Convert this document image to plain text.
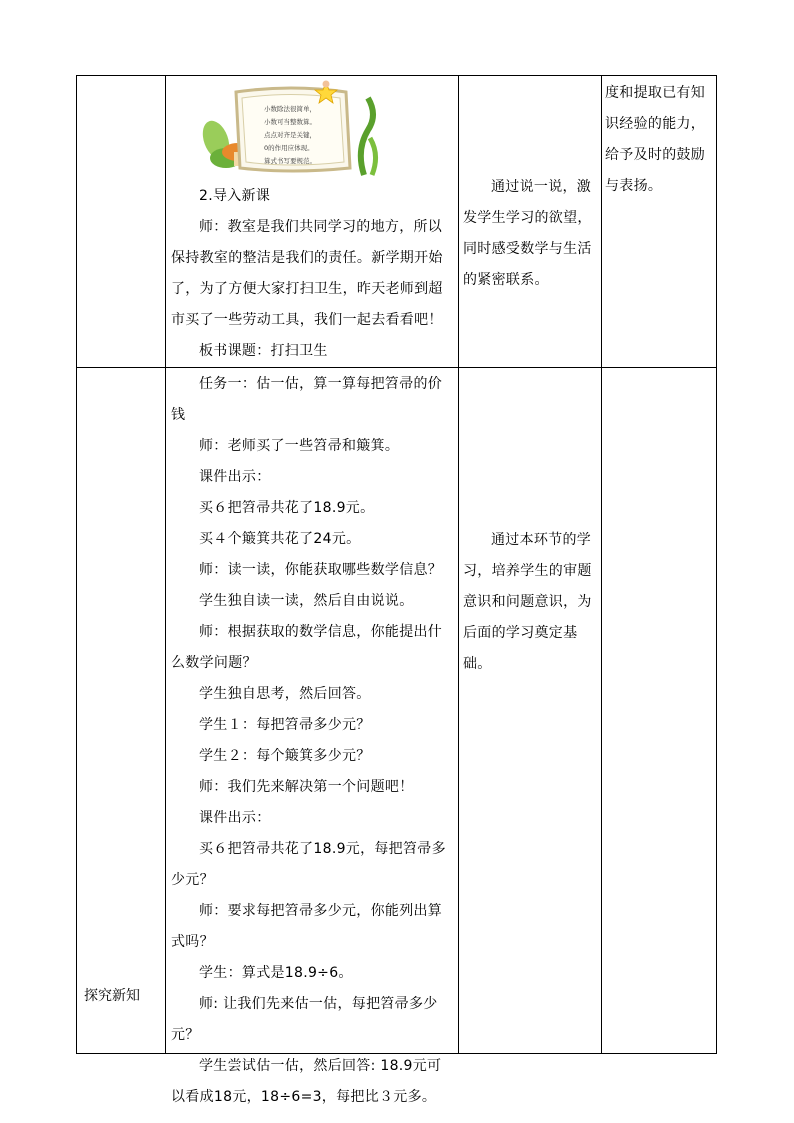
小数除法很简单，
小数可当整数算。
点点对齐是关键，
0的作用应体现。
算式书写要规范。

2.导入新课

师：教室是我们共同学习的地方，所以保持教室的整洁是我们的责任。新学期开始了，为了方便大家打扫卫生，昨天老师到超市买了一些劳动工具，我们一起去看看吧！

板书课题：打扫卫生

通过说一说，激发学生学习的欲望，同时感受数学与生活的紧密联系。

度和提取已有知

识经验的能力，

给予及时的鼓励

与表扬。

探究新知

任务一：估一估，算一算每把笤帚的价钱

师：老师买了一些笤帚和簸箕。

课件出示：

买６把笤帚共花了18.9元。

买４个簸箕共花了24元。

师：读一读，你能获取哪些数学信息？

学生独自读一读，然后自由说说。

师：根据获取的数学信息，你能提出什么数学问题？

学生独自思考，然后回答。

学生１：每把笤帚多少元？

学生２：每个簸箕多少元？

师：我们先来解决第一个问题吧！

课件出示：

买６把笤帚共花了18.9元，每把笤帚多少元？

师：要求每把笤帚多少元，你能列出算式吗？

学生：算式是18.9÷6。

师: 让我们先来估一估，每把笤帚多少元？

学生尝试估一估，然后回答: 18.9元可以看成18元，18÷6=3，每把比３元多。

通过本环节的学习，培养学生的审题意识和问题意识，为后面的学习奠定基础。
